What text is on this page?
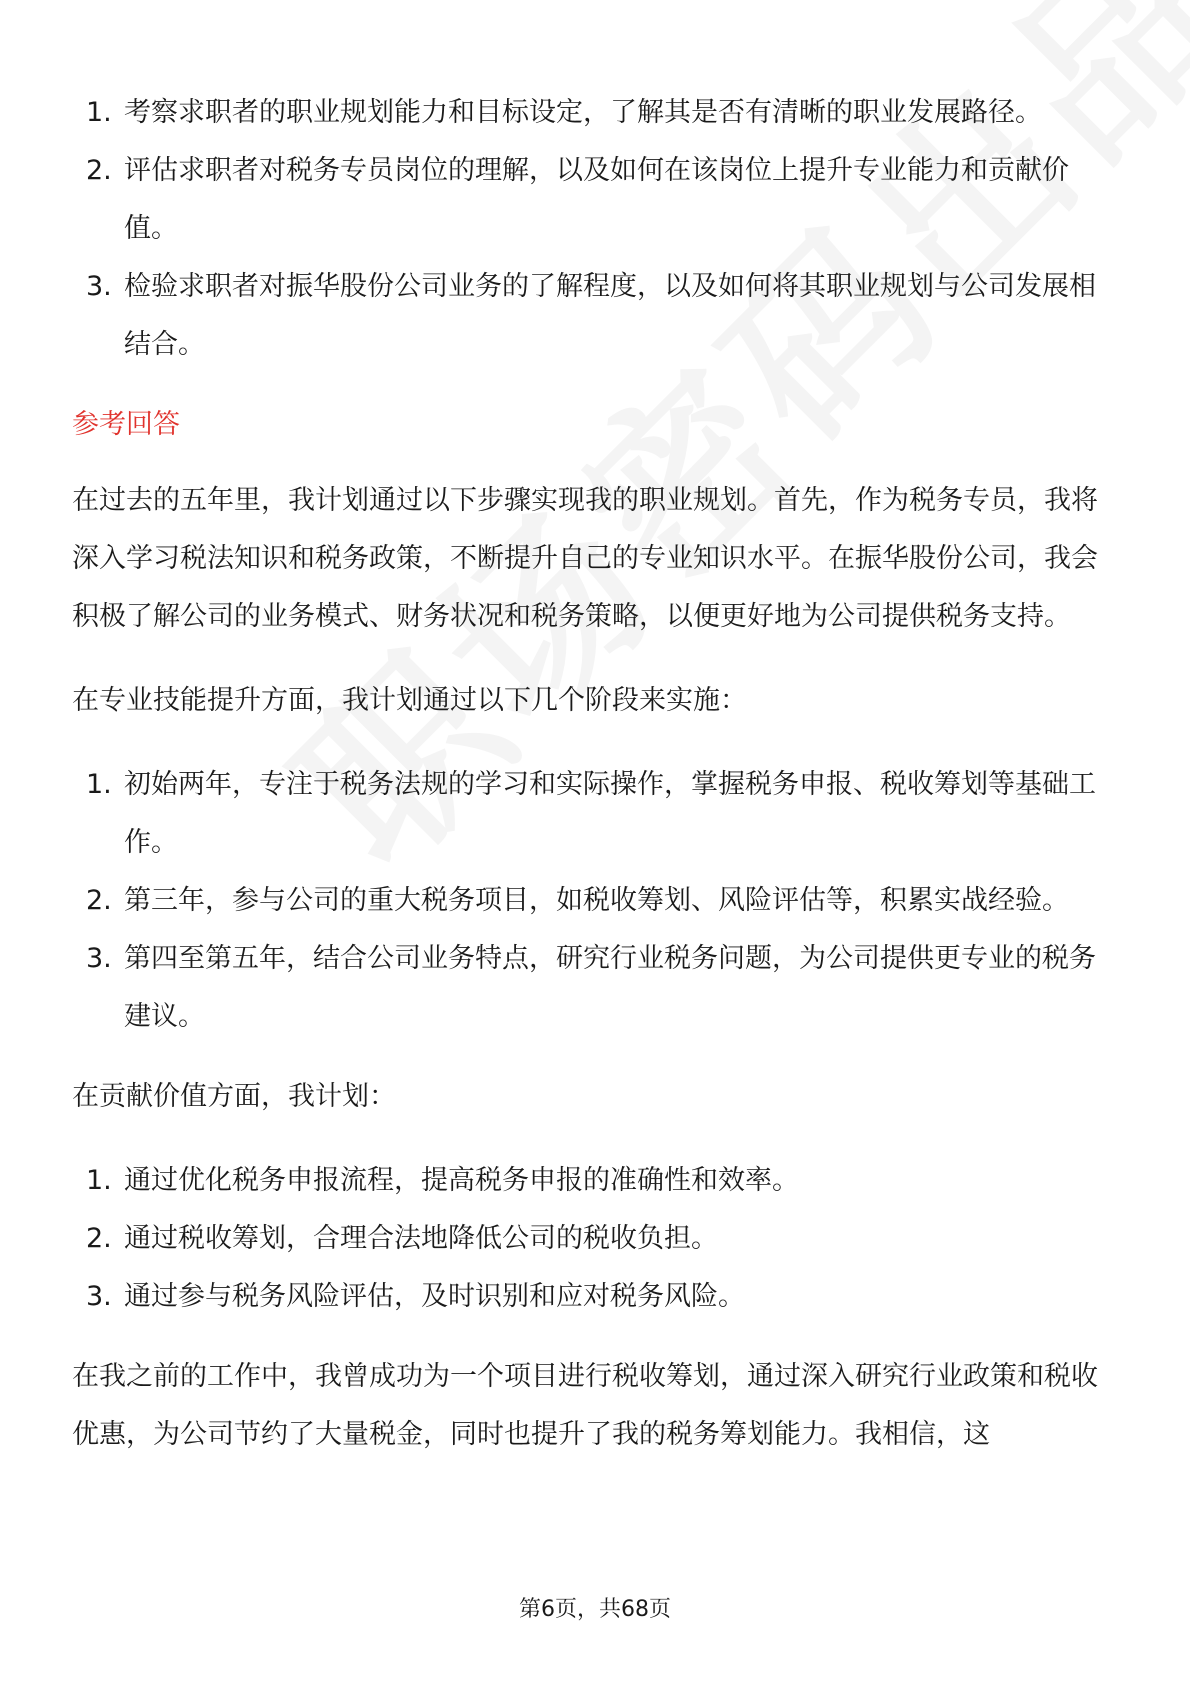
1. 考察求职者的职业规划能力和目标设定，了解其是否有清晰的职业发展路径。
2. 评估求职者对税务专员岗位的理解，以及如何在该岗位上提升专业能力和贡献价值。
3. 检验求职者对振华股份公司业务的了解程度，以及如何将其职业规划与公司发展相结合。
参考回答

在过去的五年里，我计划通过以下步骤实现我的职业规划。首先，作为税务专员，我将深入学习税法知识和税务政策，不断提升自己的专业知识水平。在振华股份公司，我会积极了解公司的业务模式、财务状况和税务策略，以便更好地为公司提供税务支持。

在专业技能提升方面，我计划通过以下几个阶段来实施：

1. 初始两年，专注于税务法规的学习和实际操作，掌握税务申报、税收筹划等基础工作。
2. 第三年，参与公司的重大税务项目，如税收筹划、风险评估等，积累实战经验。
3. 第四至第五年，结合公司业务特点，研究行业税务问题，为公司提供更专业的税务建议。

在贡献价值方面，我计划：

1. 通过优化税务申报流程，提高税务申报的准确性和效率。
2. 通过税收筹划，合理合法地降低公司的税收负担。
3. 通过参与税务风险评估，及时识别和应对税务风险。

在我之前的工作中，我曾成功为一个项目进行税收筹划，通过深入研究行业政策和税收优惠，为公司节约了大量税金，同时也提升了我的税务筹划能力。我相信，这

第6页，共68页
